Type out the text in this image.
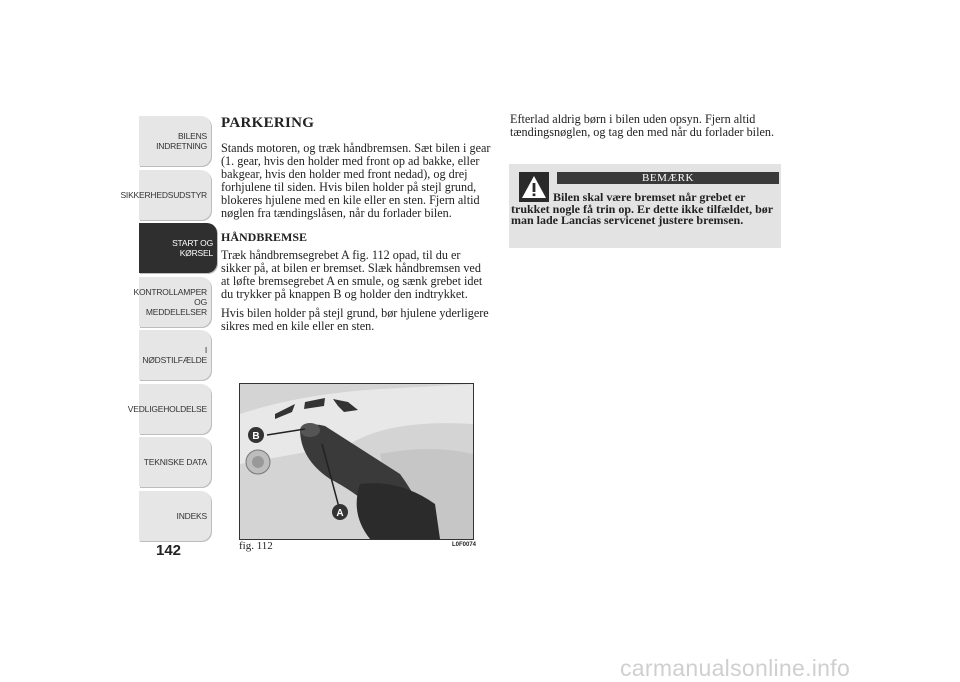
BILENS
INDRETNING
SIKKERHEDSUDSTYR
START OG KØRSEL
KONTROLLAMPER
OG MEDDELELSER
I NØDSTILFÆLDE
VEDLIGEHOLDELSE
TEKNISKE DATA
INDEKS
142
PARKERING

Stands motoren, og træk håndbremsen. Sæt bilen i gear (1. gear, hvis den holder med front op ad bakke, eller bakgear, hvis den holder med front nedad), og drej forhjulene til siden. Hvis bilen holder på stejl grund, blokeres hjulene med en kile eller en sten. Fjern altid nøglen fra tændingslåsen, når du forlader bilen.

HÅNDBREMSE

Træk håndbremsegrebet A fig. 112 opad, til du er sikker på, at bilen er bremset. Slæk håndbremsen ved at løfte bremsegrebet A en smule, og sænk grebet idet du trykker på knappen B og holder den indtrykket.

Hvis bilen holder på stejl grund, bør hjulene yderligere sikres med en kile eller en sten.

B
A
fig. 112	L0F0074

Efterlad aldrig børn i bilen uden opsyn. Fjern altid tændingsnøglen, og tag den med når du forlader bilen.

BEMÆRK
Bilen skal være bremset når grebet er trukket nogle få trin op. Er dette ikke tilfældet, bør man lade Lancias servicenet justere bremsen.
carmanualsonline.info
